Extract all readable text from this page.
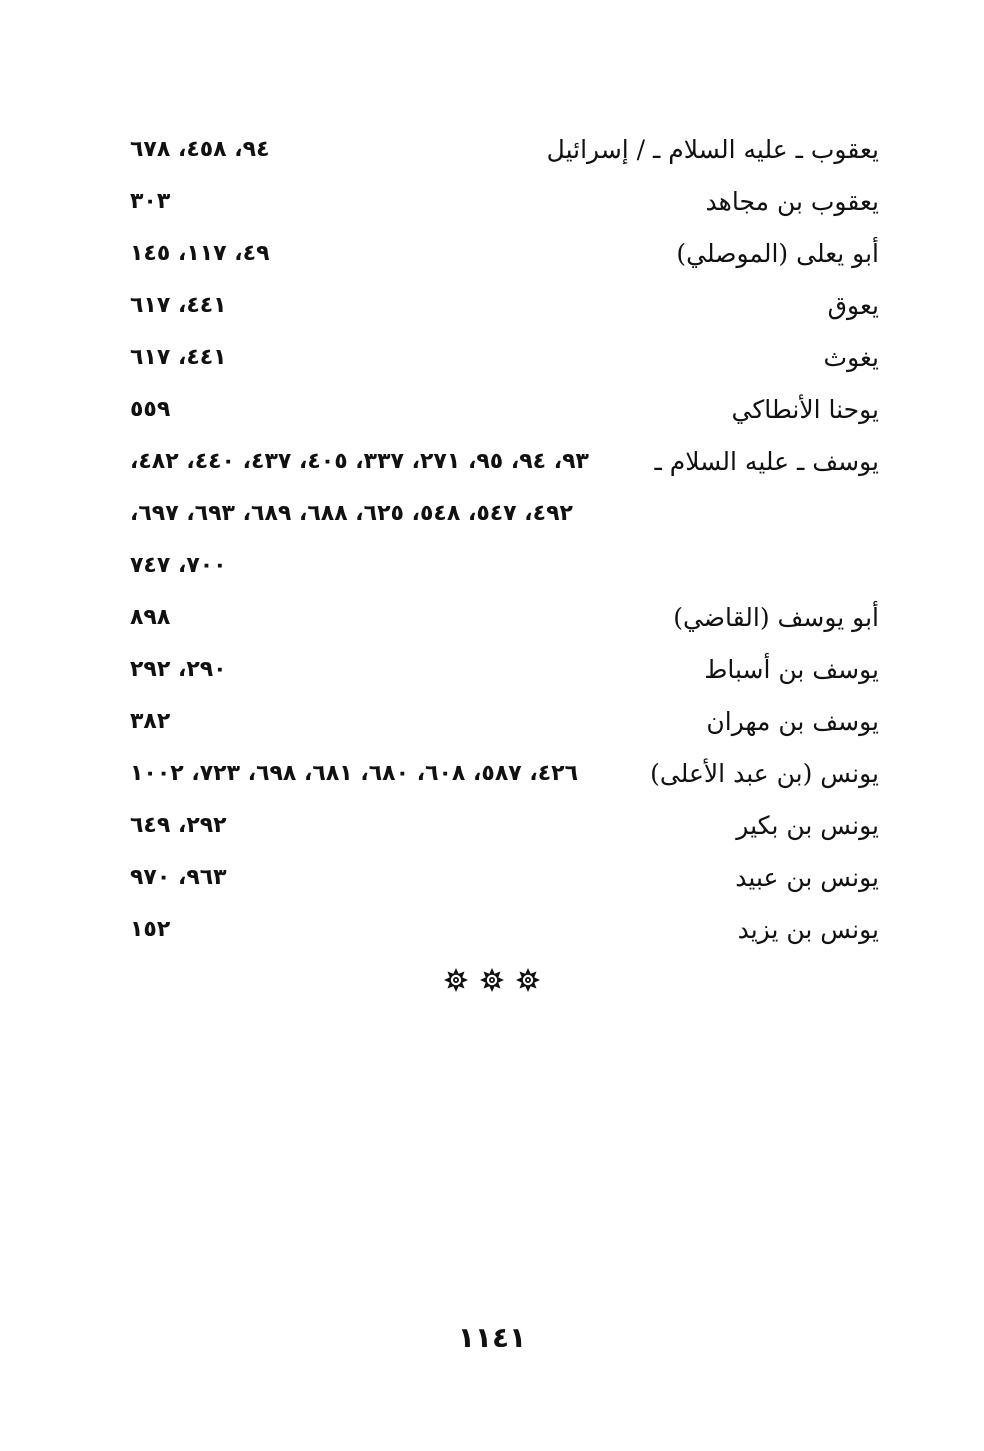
يعقوب ـ عليه السلام ـ / إسرائيل
٩٤، ٤٥٨، ٦٧٨
يعقوب بن مجاهد
٣٠٣
أبو يعلى (الموصلي)
٤٩، ١١٧، ١٤٥
يعوق
٤٤١، ٦١٧
يغوث
٤٤١، ٦١٧
يوحنا الأنطاكي
٥٥٩
يوسف ـ عليه السلام ـ
٩٣، ٩٤، ٩٥، ٢٧١، ٣٣٧، ٤٠٥، ٤٣٧، ٤٤٠، ٤٨٢،
٤٩٢، ٥٤٧، ٥٤٨، ٦٢٥، ٦٨٨، ٦٨٩، ٦٩٣، ٦٩٧،
٧٠٠، ٧٤٧
أبو يوسف (القاضي)
٨٩٨
يوسف بن أسباط
٢٩٠، ٢٩٢
يوسف بن مهران
٣٨٢
يونس (بن عبد الأعلى)
٤٢٦، ٥٨٧، ٦٠٨، ٦٨٠، ٦٨١، ٦٩٨، ٧٢٣، ١٠٠٢
يونس بن بكير
٢٩٢، ٦٤٩
يونس بن عبيد
٩٦٣، ٩٧٠
يونس بن يزيد
١٥٢
١١٤١
